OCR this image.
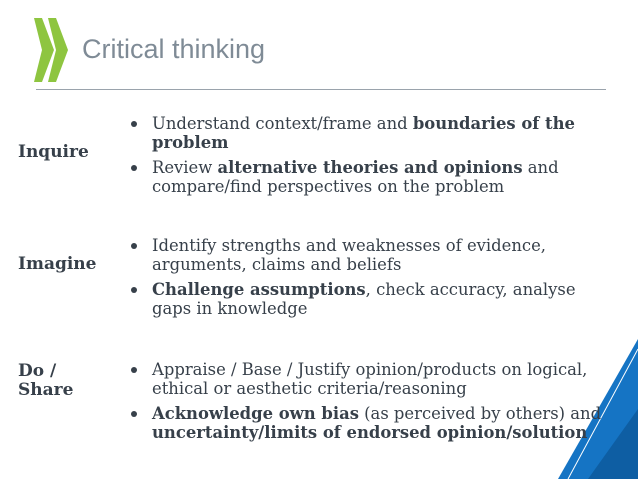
Critical thinking
Inquire
Understand context/frame and boundaries of the problem
Review alternative theories and opinions and compare/find perspectives on the problem
Imagine
Identify strengths and weaknesses of evidence, arguments, claims and beliefs
Challenge assumptions, check accuracy, analyse gaps in knowledge
Do /
Share
Appraise / Base / Justify opinion/products on logical, ethical or aesthetic criteria/reasoning
Acknowledge own bias (as perceived by others) and uncertainty/limits of endorsed opinion/solution
